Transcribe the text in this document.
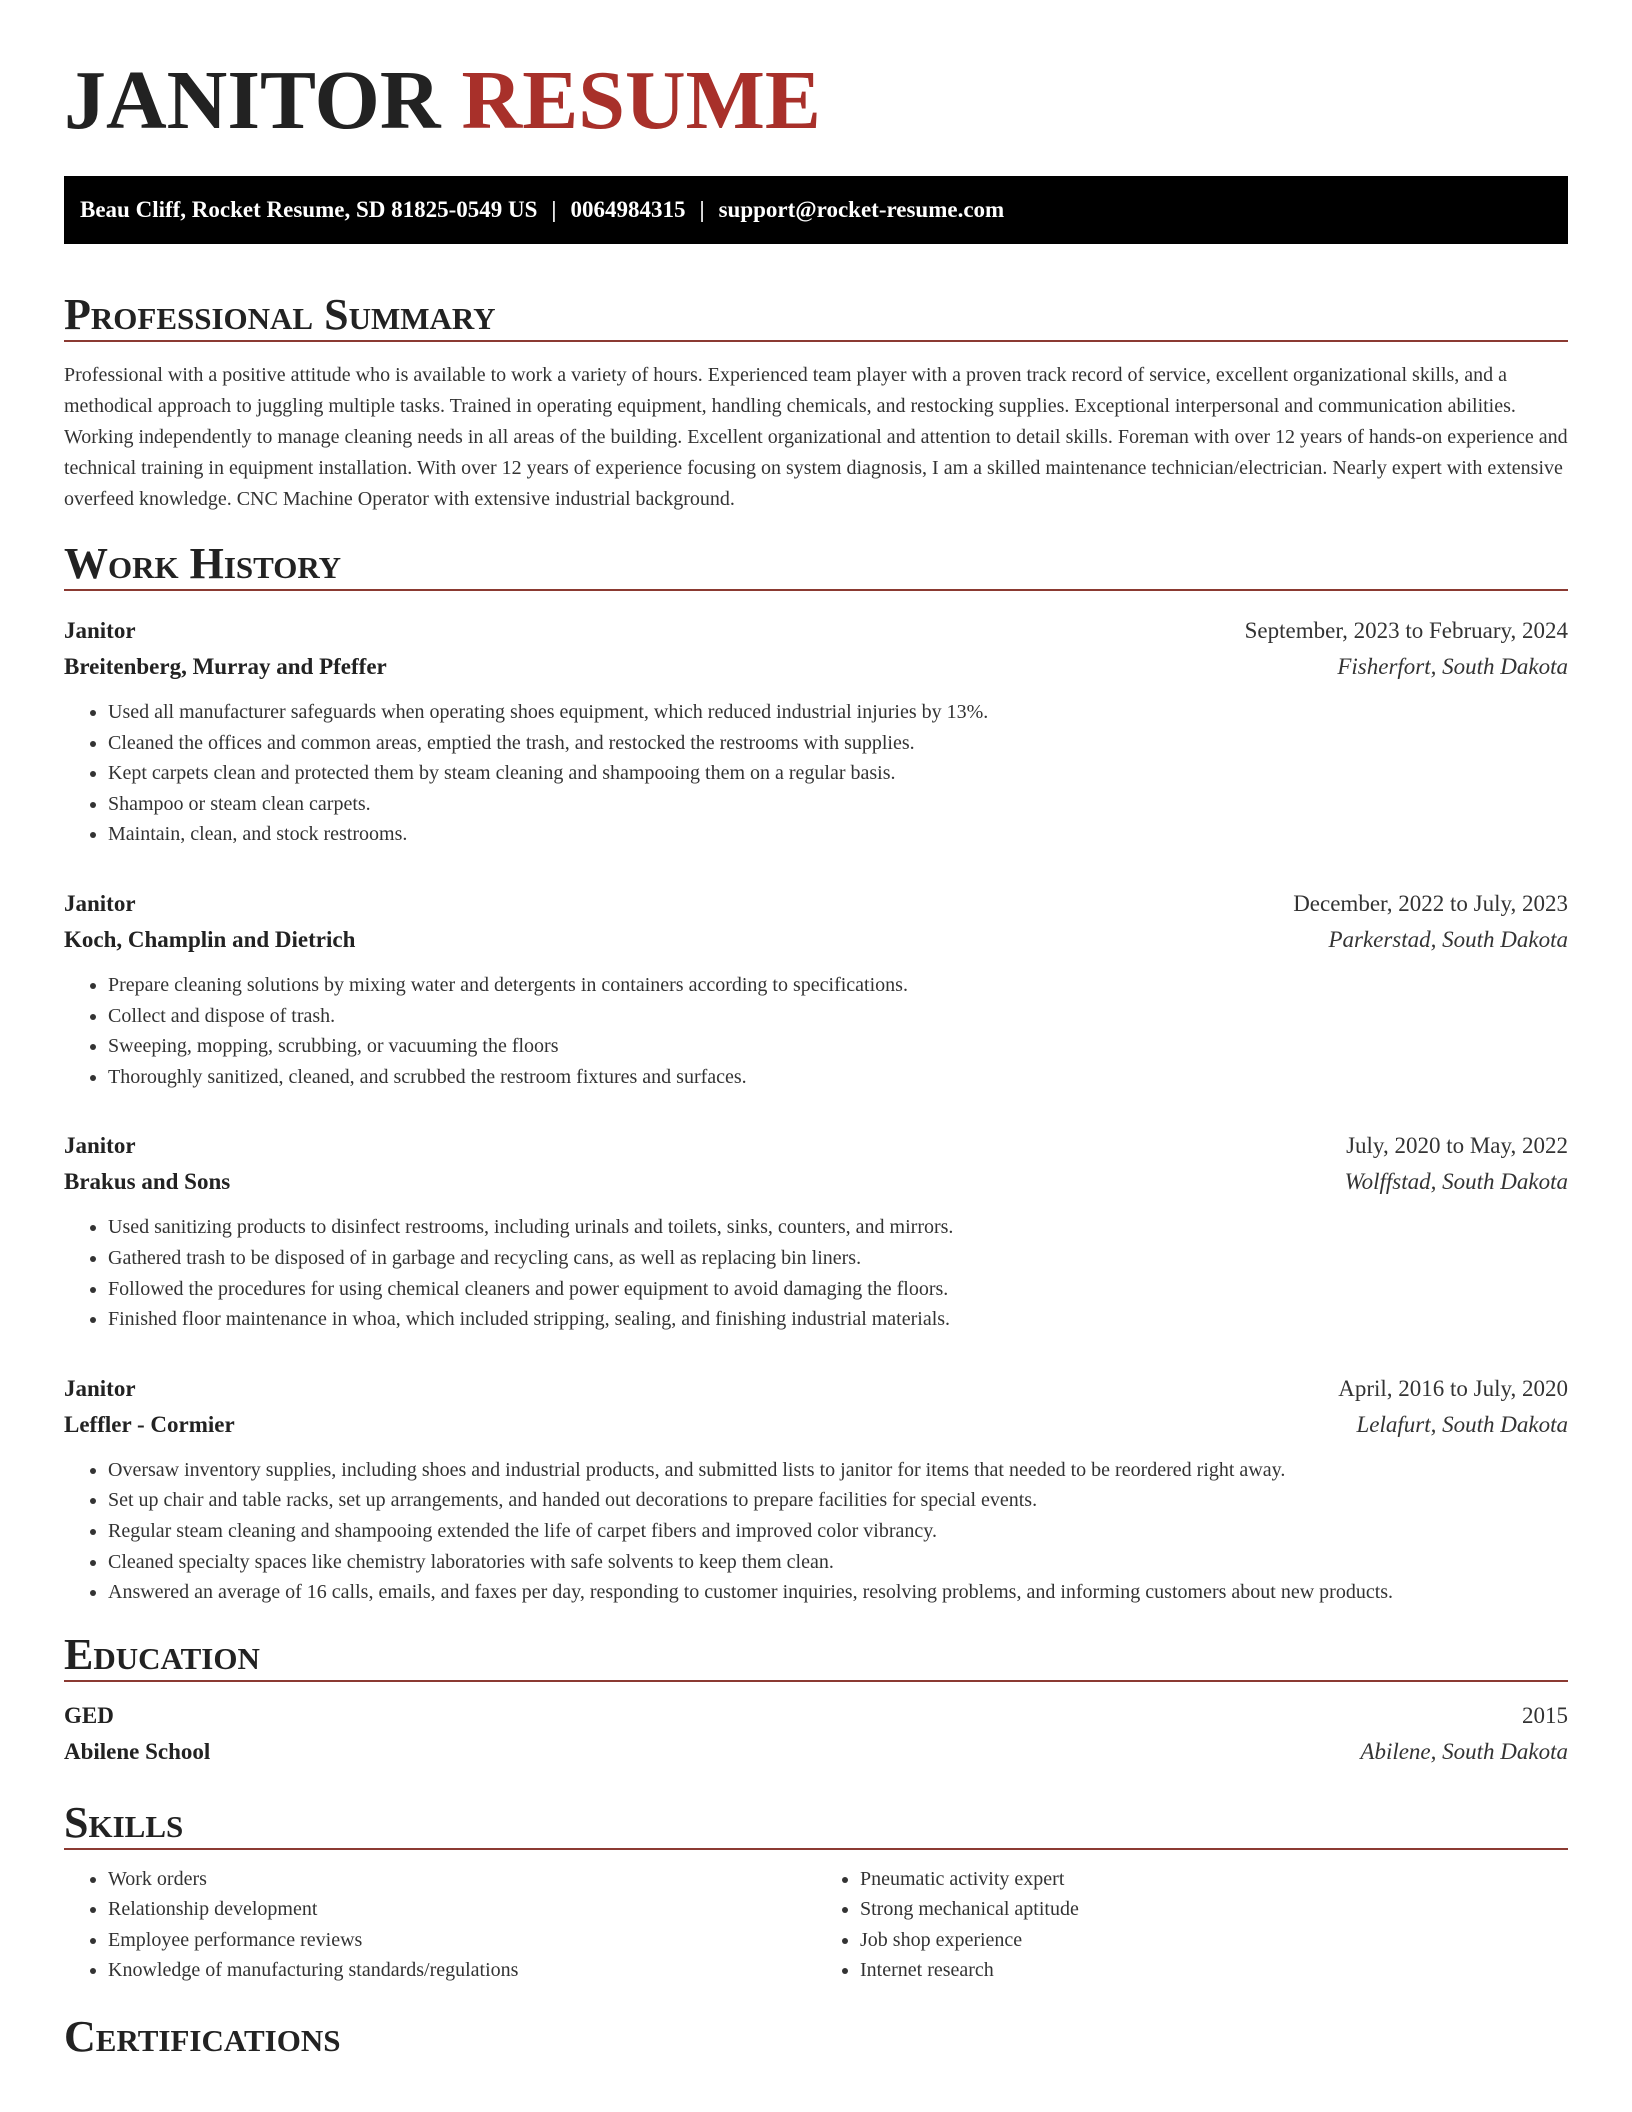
JANITOR RESUME
Beau Cliff, Rocket Resume, SD 81825-0549 US | 0064984315 | support@rocket-resume.com
Professional Summary

Professional with a positive attitude who is available to work a variety of hours. Experienced team player with a proven track record of service, excellent organizational skills, and a methodical approach to juggling multiple tasks. Trained in operating equipment, handling chemicals, and restocking supplies. Exceptional interpersonal and communication abilities. Working independently to manage cleaning needs in all areas of the building. Excellent organizational and attention to detail skills. Foreman with over 12 years of hands-on experience and technical training in equipment installation. With over 12 years of experience focusing on system diagnosis, I am a skilled maintenance technician/electrician. Nearly expert with extensive overfeed knowledge. CNC Machine Operator with extensive industrial background.

Work History
Janitor	September, 2023 to February, 2024
Breitenberg, Murray and Pfeffer	Fisherfort, South Dakota
• Used all manufacturer safeguards when operating shoes equipment, which reduced industrial injuries by 13%.
• Cleaned the offices and common areas, emptied the trash, and restocked the restrooms with supplies.
• Kept carpets clean and protected them by steam cleaning and shampooing them on a regular basis.
• Shampoo or steam clean carpets.
• Maintain, clean, and stock restrooms.
Janitor	December, 2022 to July, 2023
Koch, Champlin and Dietrich	Parkerstad, South Dakota
• Prepare cleaning solutions by mixing water and detergents in containers according to specifications.
• Collect and dispose of trash.
• Sweeping, mopping, scrubbing, or vacuuming the floors
• Thoroughly sanitized, cleaned, and scrubbed the restroom fixtures and surfaces.
Janitor	July, 2020 to May, 2022
Brakus and Sons	Wolffstad, South Dakota
• Used sanitizing products to disinfect restrooms, including urinals and toilets, sinks, counters, and mirrors.
• Gathered trash to be disposed of in garbage and recycling cans, as well as replacing bin liners.
• Followed the procedures for using chemical cleaners and power equipment to avoid damaging the floors.
• Finished floor maintenance in whoa, which included stripping, sealing, and finishing industrial materials.
Janitor	April, 2016 to July, 2020
Leffler - Cormier	Lelafurt, South Dakota
• Oversaw inventory supplies, including shoes and industrial products, and submitted lists to janitor for items that needed to be reordered right away.
• Set up chair and table racks, set up arrangements, and handed out decorations to prepare facilities for special events.
• Regular steam cleaning and shampooing extended the life of carpet fibers and improved color vibrancy.
• Cleaned specialty spaces like chemistry laboratories with safe solvents to keep them clean.
• Answered an average of 16 calls, emails, and faxes per day, responding to customer inquiries, resolving problems, and informing customers about new products.
Education
GED	2015
Abilene School	Abilene, South Dakota
Skills
• Work orders
• Relationship development
• Employee performance reviews
• Knowledge of manufacturing standards/regulations
• Pneumatic activity expert
• Strong mechanical aptitude
• Job shop experience
• Internet research
Certifications
